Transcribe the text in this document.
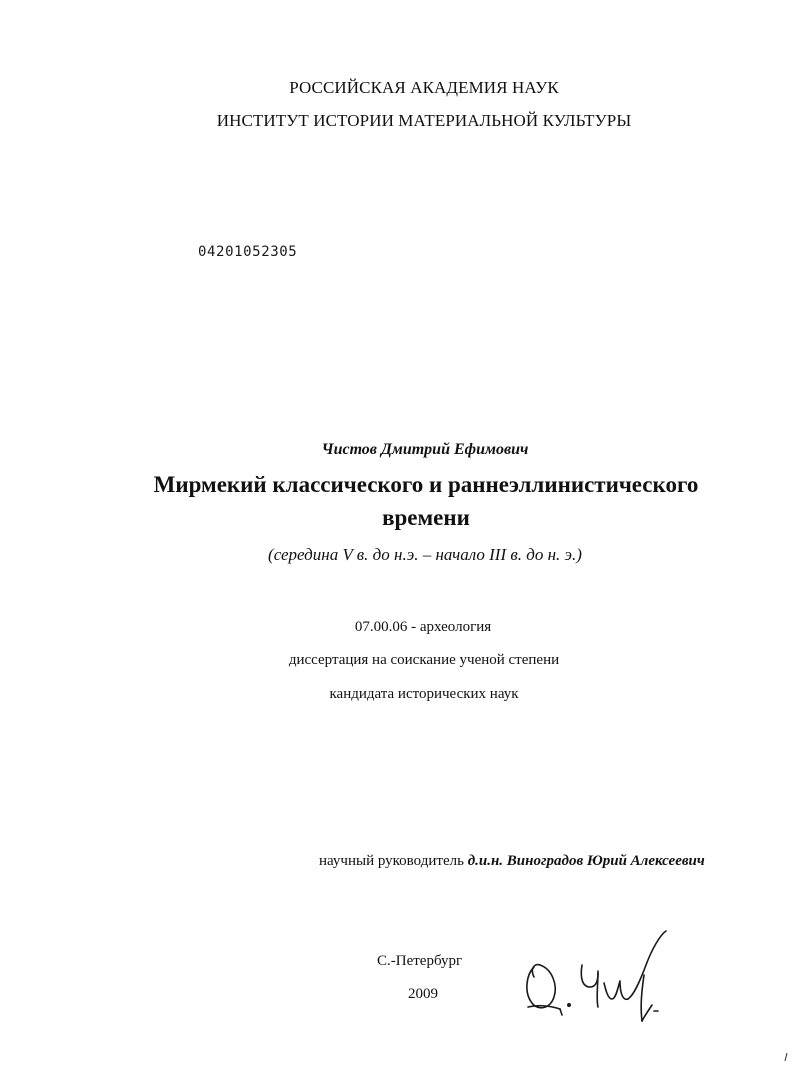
РОССИЙСКАЯ АКАДЕМИЯ НАУК
ИНСТИТУТ ИСТОРИИ МАТЕРИАЛЬНОЙ КУЛЬТУРЫ
04201052305
Чистов Дмитрий Ефимович
Мирмекий классического и раннеэллинистического
времени
(середина V в. до н.э. – начало III в. до н. э.)
07.00.06 - археология
диссертация на соискание ученой степени
кандидата исторических наук
научный руководитель д.и.н. Виноградов Юрий Алексеевич
С.-Петербург
2009
